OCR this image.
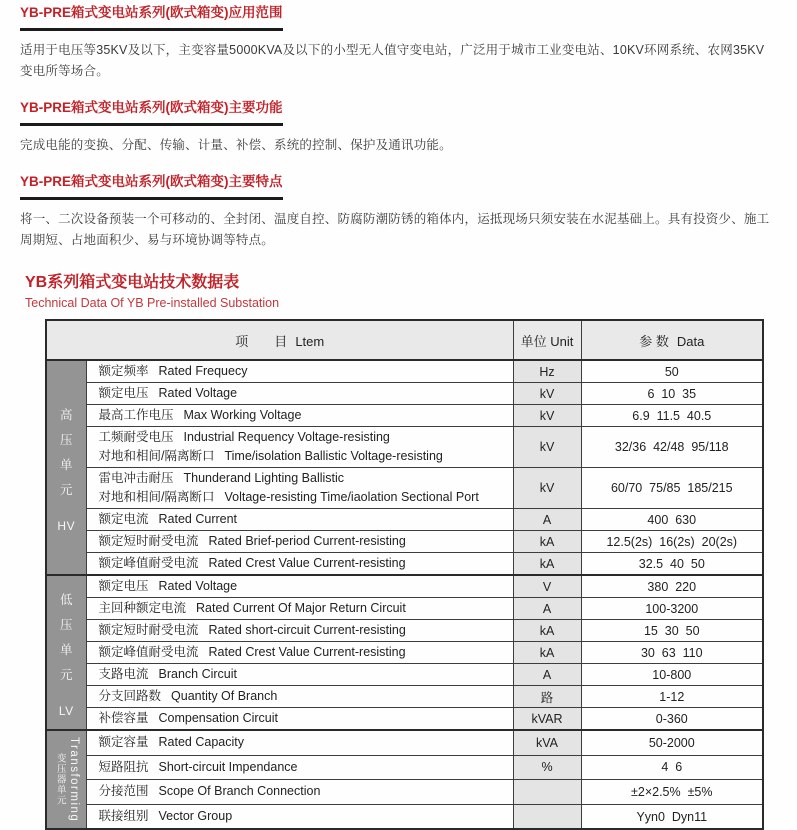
YB-PRE箱式变电站系列(欧式箱变)应用范围

适用于电压等35KV及以下，主变容量5000KVA及以下的小型无人值守变电站，广泛用于城市工业变电站、10KV环网系统、农网35KV变电所等场合。

YB-PRE箱式变电站系列(欧式箱变)主要功能

完成电能的变换、分配、传输、计量、补偿、系统的控制、保护及通讯功能。

YB-PRE箱式变电站系列(欧式箱变)主要特点

将一、二次设备预装一个可移动的、全封闭、温度自控、防腐防潮防锈的箱体内，运抵现场只须安装在水泥基础上。具有投资少、施工周期短、占地面积少、易与环境协调等特点。

YB系列箱式变电站技术数据表

Technical Data Of YB Pre-installed Substation

项　　目 Ltem		单位 Unit	参 数 Data

高压单元
HV	额定频率 Rated Frequecy	Hz	50
	额定电压 Rated Voltage	kV	6  10  35
	最高工作电压 Max Working Voltage	kV	6.9  11.5  40.5

	工频耐受电压 Industrial Requency Voltage-resisting
对地和相间/隔离断口 Time/isolation Ballistic Voltage-resisting	kV	32/36  42/48  95/118

	雷电冲击耐压 Thunderand Lighting Ballistic
对地和相间/隔离断口 Voltage-resisting Time/iaolation Sectional Port	kV	60/70  75/85  185/215
	额定电流 Rated Current	A	400  630
	额定短时耐受电流 Rated Brief-period Current-resisting	kA	12.5(2s)  16(2s)  20(2s)
	额定峰值耐受电流 Rated Crest Value Current-resisting	kA	32.5  40  50

低压单元
LV	额定电压 Rated Voltage	V	380  220
	主回种额定电流 Rated Current Of Major Return Circuit	A	100-3200
	额定短时耐受电流 Rated short-circuit Current-resisting	kA	15  30  50
	额定峰值耐受电流 Rated Crest Value Current-resisting	kA	30  63  110
	支路电流 Branch Circuit	A	10-800
	分支回路数 Quantity Of Branch	路	1-12
	补偿容量 Compensation Circuit	kVAR	0-360

变压器单元 Transforming	额定容量 Rated Capacity	kVA	50-2000
	短路阻抗 Short-circuit Impendance	%	4  6
	分接范围 Scope Of Branch Connection		±2×2.5%  ±5%
	联接组别 Vector Group		Yyn0  Dyn11
